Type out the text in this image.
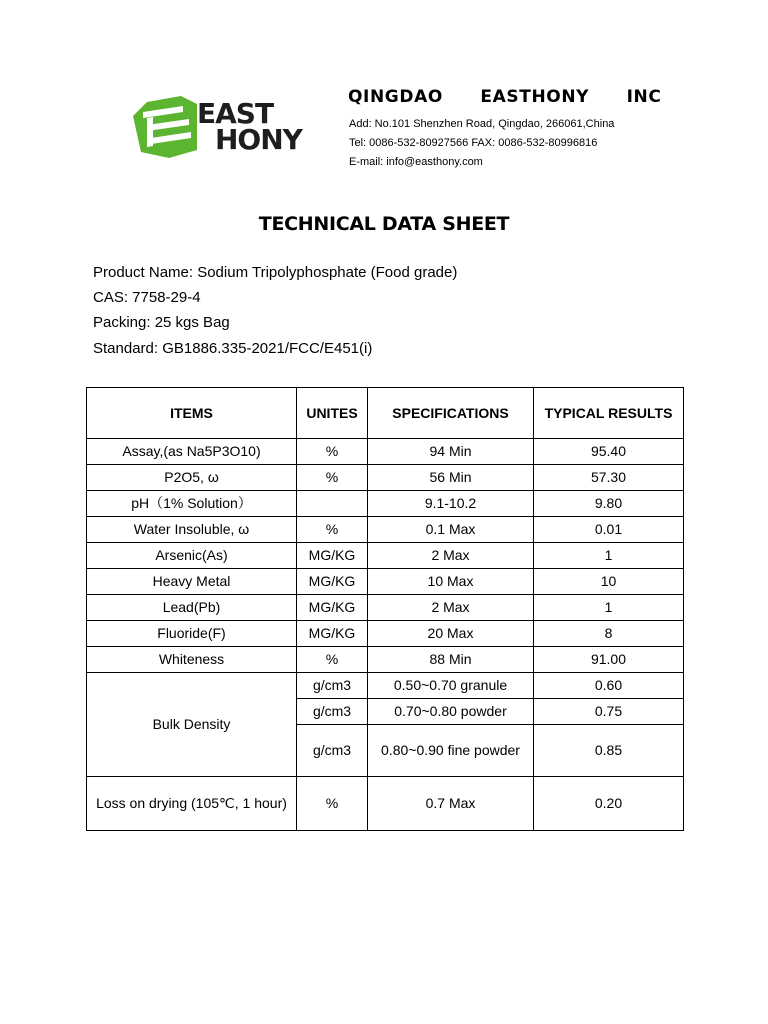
EAST
HONY
QINGDAO   EASTHONY   INC
Add: No.101 Shenzhen Road, Qingdao, 266061,China
Tel: 0086-532-80927566 FAX: 0086-532-80996816
E-mail: info@easthony.com
TECHNICAL DATA SHEET
Product Name: Sodium Tripolyphosphate (Food grade)
CAS: 7758-29-4
Packing: 25 kgs Bag
Standard: GB1886.335-2021/FCC/E451(i)
ITEMS	UNITES	SPECIFICATIONS	TYPICAL RESULTS
Assay,(as Na5P3O10)	%	94 Min	95.40
P2O5, ω	%	56 Min	57.30
pH（1% Solution）		9.1-10.2	9.80
Water Insoluble, ω	%	0.1 Max	0.01
Arsenic(As)	MG/KG	2 Max	1
Heavy Metal	MG/KG	10 Max	10
Lead(Pb)	MG/KG	2 Max	1
Fluoride(F)	MG/KG	20 Max	8
Whiteness	%	88 Min	91.00
Bulk Density	g/cm3	0.50~0.70 granule	0.60
	g/cm3	0.70~0.80 powder	0.75
	g/cm3	0.80~0.90 fine powder	0.85
Loss on drying (105℃, 1 hour)	%	0.7 Max	0.20
